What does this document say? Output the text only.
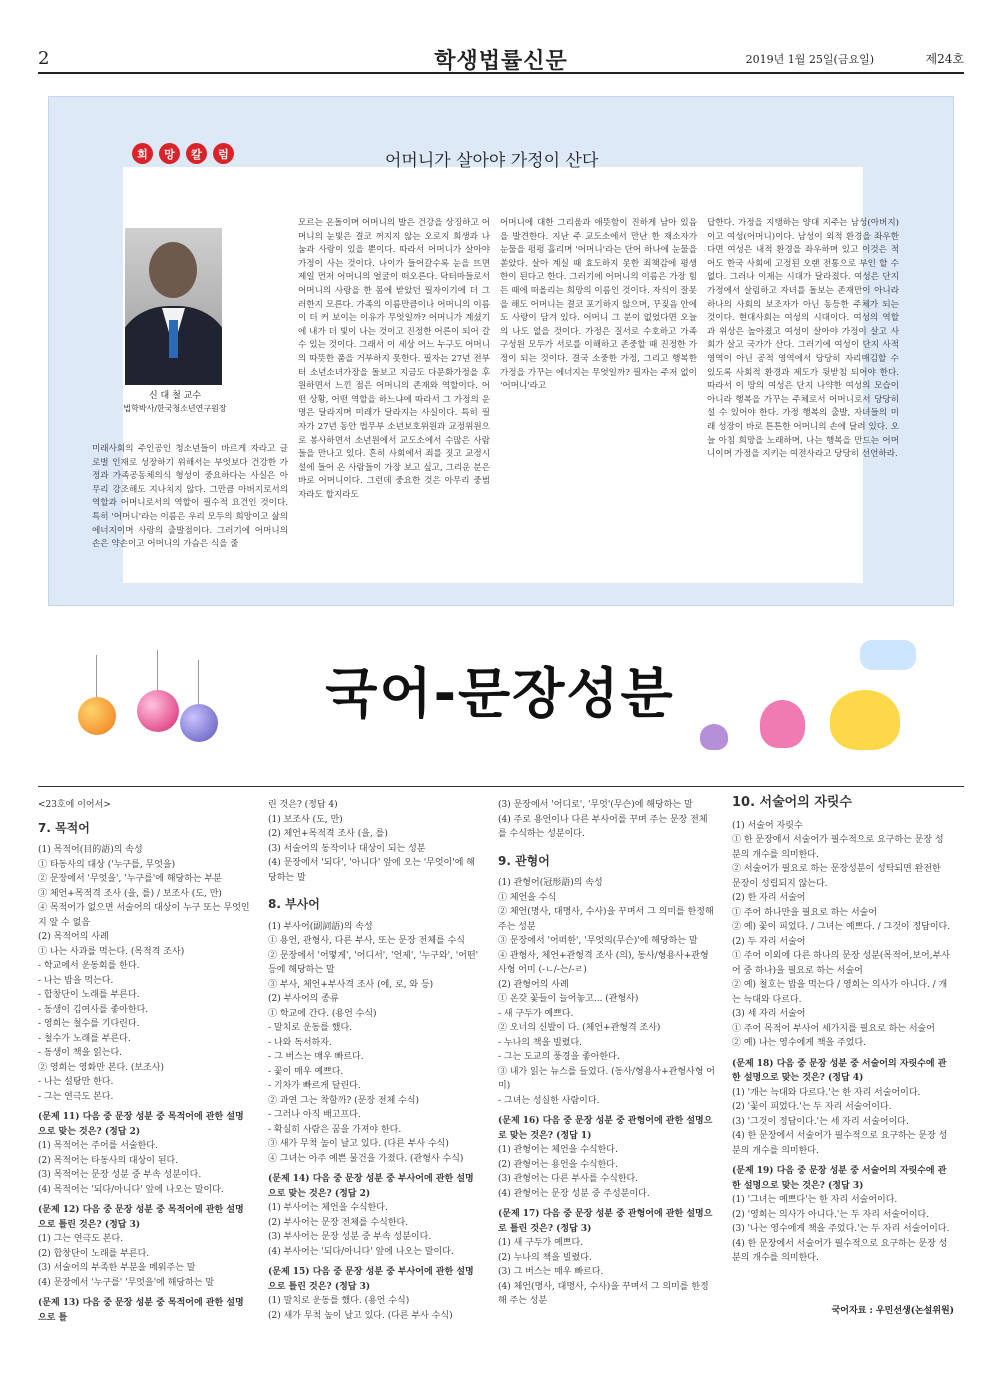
2	학생법률신문	2019년 1월 25일(금요일)	제24호
희	망	칼	럼	어머니가 살아야 가정이 산다
신 대 철 교수
법학박사/한국청소년연구원장
미래사회의 주인공인 청소년들이 바르게 자라고 글로벌 인재로 성장하기 위해서는 부엇보다 건강한 가정과 가족공동체의식 형성이 중요하다는 사실은 아무리 강조해도 지나치지 않다. 그만큼 아버지로서의 역할과 어머니로서의 역할이 필수적 요건인 것이다. 특히 '어머니'라는 이름은 우리 모두의 희망이고 삶의 에너지이며 사랑의 출발점이다. 그러기에 어머니의 손은 약손이고 어머니의 가슴은 식을 줄
모르는 온돌이며 어머니의 발은 건강을 상징하고 어머니의 눈빛은 결코 꺼지지 않는 오로지 희생과 나눔과 사랑이 있을 뿐이다. 따라서 어머니가 살아야 가정이 사는 것이다. 나이가 들어갈수록 눈을 뜨면 제일 먼저 어머니의 얼굴이 떠오른다. 닥터마들로서 어머니의 사랑을 한 몸에 받았던 필자이기에 더 그러한지 모른다. 가족의 이름만큼이나 어머니의 이름이 더 커 보이는 이유가 무엇일까? 어머니가 계셨기에 내가 더 빛이 나는 것이고 진정한 어른이 되어 갈 수 있는 것이다. 그래서 이 세상 어느 누구도 어머니의 따뜻한 품을 거부하지 못한다. 필자는 27년 전부터 소년소녀가장을 돌보고 지금도 다문화가정을 후원하면서 느낀 점은 어머니의 존재와 역할이다. 어떤 상황, 어떤 역할을 하느냐에 따라서 그 가정의 운명은 달라지며 미래가 달라지는 사실이다. 특히 필자가 27년 동안 법무부 소년보호위원과 교정위원으로 봉사하면서 소년원에서 교도소에서 수많은 사람들을 만나고 있다. 흔히 사회에서 죄를 짓고 교정시설에 들어 온 사람들이 가장 보고 싶고, 그리운 분은 바로 어머니이다. 그런데 중요한 것은 아무리 중범자라도 할지라도
어머니에 대한 그리움과 애뜻함이 진하게 남아 있음을 발견한다. 지난 주 교도소에서 만난 한 재소자가 눈물을 펑펑 흘리며 '어머니'라는 단어 하나에 눈물을 쏟았다. 살아 계실 때 효도하지 못한 죄책감에 평생 한이 된다고 한다. 그러기에 어머니의 이름은 가장 힘든 때에 떠올리는 희망의 이름인 것이다. 자식이 잘못을 해도 어머니는 결코 포기하지 않으며, 꾸짖음 안에도 사랑이 담겨 있다. 어머니 그 분이 없었다면 오늘의 나도 없을 것이다. 가정은 질서로 수호하고 가족 구성원 모두가 서로를 이해하고 존중할 때 진정한 가정이 되는 것이다. 결국 소중한 가정, 그리고 행복한 가정을 가꾸는 에너지는 무엇일까? 필자는 주저 없이 '어머니'라고
답한다. 가정을 지탱하는 양대 지주는 남성(아버지)이고 여성(어머니)이다. 남성이 외적 환경을 좌우한다면 여성은 내적 환경을 좌우하며 있고 이것은 적어도 한국 사회에 고정된 오랜 전통으로 부인 할 수 없다. 그러나 이제는 시대가 달라졌다. 여성은 단지 가정에서 살림하고 자녀를 돌보는 존재만이 아니라 하나의 사회의 보조자가 아닌 동등한 주체가 되는 것이다. 현대사회는 여성의 시대이다. 여성의 역할과 위상은 높아졌고 여성이 살아야 가정이 살고 사회가 살고 국가가 산다. 그러기에 여성이 단지 사적 영역이 아닌 공적 영역에서 당당히 자리매김할 수 있도록 사회적 환경과 제도가 뒷받침 되어야 한다. 따라서 이 땅의 여성은 단지 나약한 여성의 모습이 아니라 행복을 가꾸는 주체로서 어머니로서 당당히 설 수 있어야 한다. 가정 행복의 출발, 자녀들의 미래 성장이 바로 튼튼한 어머니의 손에 달려 있다. 오늘 아침 희망을 노래하며, 나는 행복을 만드는 어머니이며 가정을 지키는 여전사라고 당당히 선언하라.
국어-문장성분
<23호에 이어서>
7. 목적어
(1) 목적어(目的語)의 속성
① 타동사의 대상 ('누구를, 무엇을)
② 문장에서 '무엇을', '누구를'에 해당하는 부분
③ 체언+목적격 조사 (을, 를) / 보조사 (도, 만)
④ 목적어가 없으면 서술어의 대상이 누구 또는 무엇인지 알 수 없음
(2) 목적어의 사례
① 나는 사과를 먹는다. (목적격 조사)
- 학교에서 운동회를 한다.
- 나는 밥을 먹는다.
- 합창단이 노래를 부른다.
- 동생이 김여사를 좋아한다.
- 영희는 철수를 기다린다.
- 철수가 노래를 부른다.
- 동생이 책을 읽는다.
② 영희는 영화만 본다. (보조사)
- 나는 설탕만 한다.
- 그는 연극도 본다.
(문제 11) 다음 중 문장 성분 중 목적어에 관한 설명으로 맞는 것은? (정답 2)
(1) 목적어는 주어를 서술한다.
(2) 목적어는 타동사의 대상이 된다.
(3) 목적어는 문장 성분 중 부속 성분이다.
(4) 목적어는 '되다/아니다' 앞에 나오는 말이다.
(문제 12) 다음 중 문장 성분 중 목적어에 관한 설명으로 틀린 것은? (정답 3)
(1) 그는 연극도 본다.
(2) 합창단이 노래를 부른다.
(3) 서술어의 부족한 부분을 메워주는 말
(4) 문장에서 '누구를' '무엇을'에 해당하는 말
(문제 13) 다음 중 문장 성분 중 목적어에 관한 설명으로 틀
린 것은? (정답 4)
(1) 보조사 (도, 만)
(2) 체언+목적격 조사 (을, 를)
(3) 서술어의 동작이나 대상이 되는 성분
(4) 문장에서 '되다', '아니다' 앞에 오는 '무엇이'에 해당하는 말
8. 부사어
(1) 부사어(副詞語)의 속성
① 용언, 관형사, 다른 부사, 또는 문장 전체를 수식
② 문장에서 '어떻게', '어디서', '언제', '누구와', '어떤' 등에 해당하는 말
③ 부사, 체언+부사격 조사 (에, 로, 와 등)
(2) 부사어의 종류
① 학교에 간다. (용언 수식)
- 말치로 운동를 했다.
- 나와 독서하자.
- 그 버스는 매우 빠르다.
- 꽃이 매우 예쁘다.
- 기차가 빠르게 달린다.
② 과연 그는 착할까? (문장 전체 수식)
- 그러나 아직 배고프다.
- 확실히 사람은 꿈을 가져야 한다.
③ 새가 무척 높이 날고 있다. (다른 부사 수식)
④ 그녀는 아주 예쁜 물건을 가졌다. (관형사 수식)
(문제 14) 다음 중 문장 성분 중 부사어에 관한 설명으로 맞는 것은? (정답 2)
(1) 부사어는 체언을 수식한다.
(2) 부사어는 문장 전체를 수식한다.
(3) 부사어는 문장 성분 중 부속 성분이다.
(4) 부사어는 '되다/아니다' 앞에 나오는 말이다.
(문제 15) 다음 중 문장 성분 중 부사어에 관한 설명으로 틀린 것은? (정답 3)
(1) 말치로 운동를 했다. (용언 수식)
(2) 새가 무척 높이 날고 있다. (다른 부사 수식)
(3) 문장에서 '어디로', '무엇'(무슨)에 해당하는 말
(4) 주로 용언이나 다른 부사어를 꾸며 주는 문장 전체를 수식하는 성분이다.
9. 관형어
(1) 관형어(冠形語)의 속성
① 체언을 수식
② 체언(명사, 대명사, 수사)을 꾸며서 그 의미를 한정해 주는 성분
③ 문장에서 '어떠한', '무엇의(무슨)'에 해당하는 말
④ 관형사, 체언+관형격 조사 (의), 동사/형용사+관형사형 어미 (-ㄴ/-는/-ㄹ)
(2) 관형어의 사례
① 온갖 꽃들이 늘어놓고... (관형사)
- 새 구두가 예쁘다.
② 오너의 신발이 다. (체언+관형격 조사)
- 누나의 책을 빌렸다.
- 그는 도교의 풍경을 좋아한다.
③ 내가 읽는 뉴스를 들었다. (동사/형용사+관형사형 어미)
- 그녀는 성실한 사람이다.
(문제 16) 다음 중 문장 성분 중 관형어에 관한 설명으로 맞는 것은? (정답 1)
(1) 관형어는 체언을 수식한다.
(2) 관형어는 용언을 수식한다.
(3) 관형어는 다른 부사를 수식한다.
(4) 관형어는 문장 성분 중 주성분이다.
(문제 17) 다음 중 문장 성분 중 관형어에 관한 설명으로 틀린 것은? (정답 3)
(1) 새 구두가 예쁘다.
(2) 누나의 책을 빌렸다.
(3) 그 버스는 매우 빠르다.
(4) 체언(명사, 대명사, 수사)을 꾸며서 그 의미를 한정해 주는 성분
10. 서술어의 자릿수
(1) 서술어 자릿수
① 한 문장에서 서술어가 필수적으로 요구하는 문장 성분의 개수를 의미한다.
② 서술어가 필요로 하는 문장성분이 성탁되면 완전한 문장이 성립되지 않는다.
(2) 한 자리 서술어
① 주어 하나만을 필요로 하는 서술어
② 예) 꽃이 피었다. / 그녀는 예쁘다. / 그것이 정답이다.
(2) 두 자리 서술어
① 주어 이외에 다른 하나의 문장 성분(목적어,보어,부사어 중 하나)을 필요로 하는 서술어
② 예) 철호는 밥을 먹는다 / 영희는 의사가 아니다. / 개는 늑대와 다르다.
(3) 세 자리 서술어
① 주어 목적어 부사어 세가지를 필요로 하는 서술어
② 예) 나는 영수에게 책을 주었다.
(문제 18) 다음 중 문장 성분 중 서술어의 자릿수에 관한 설명으로 맞는 것은? (정답 4)
(1) '개는 늑대와 다르다.'는 한 자리 서술어이다.
(2) '꽃이 피었다.'는 두 자리 서술어이다.
(3) '그것이 정답이다.'는 세 자리 서술어이다.
(4) 한 문장에서 서술어가 필수적으로 요구하는 문장 성분의 개수를 의미한다.
(문제 19) 다음 중 문장 성분 중 서술어의 자릿수에 관한 설명으로 맞는 것은? (정답 3)
(1) '그녀는 예쁘다'는 한 자리 서술어이다.
(2) '영희는 의사가 아니다.'는 두 자리 서술어이다.
(3) '나는 영수에게 책을 주었다.'는 두 자리 서술어이다.
(4) 한 문장에서 서술어가 필수적으로 요구하는 문장 성분의 개수를 의미한다.
국어자료 : 우민선생(논설위원)
